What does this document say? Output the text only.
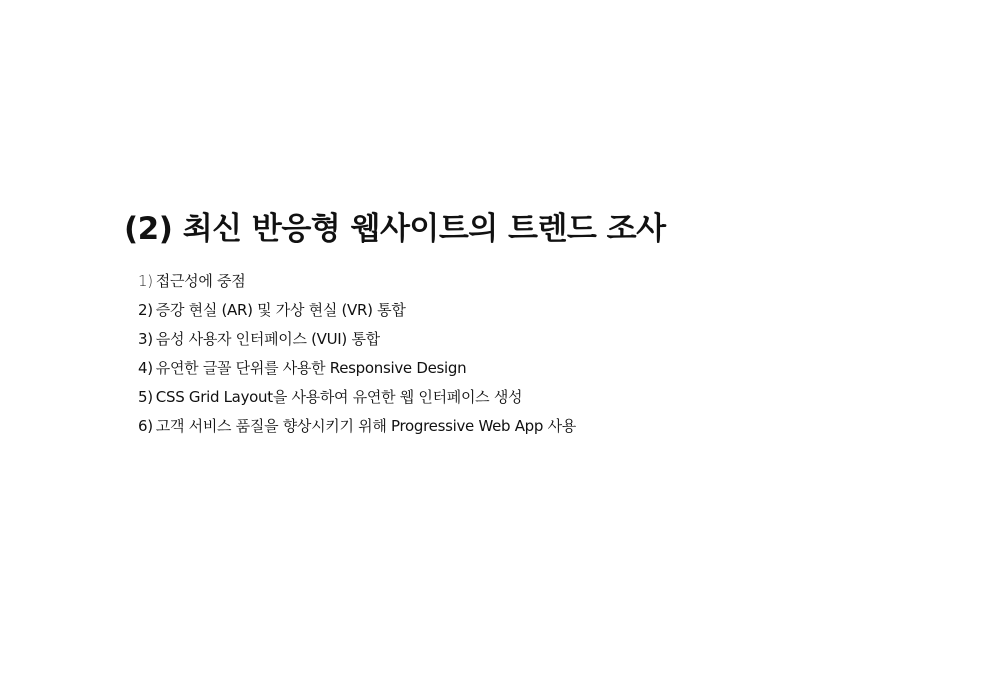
(2) 최신 반응형 웹사이트의 트렌드 조사
1) 접근성에 중점
2) 증강 현실 (AR) 및 가상 현실 (VR) 통합
3) 음성 사용자 인터페이스 (VUI) 통합
4) 유연한 글꼴 단위를 사용한 Responsive Design
5) CSS Grid Layout을 사용하여 유연한 웹 인터페이스 생성
6) 고객 서비스 품질을 향상시키기 위해 Progressive Web App 사용
